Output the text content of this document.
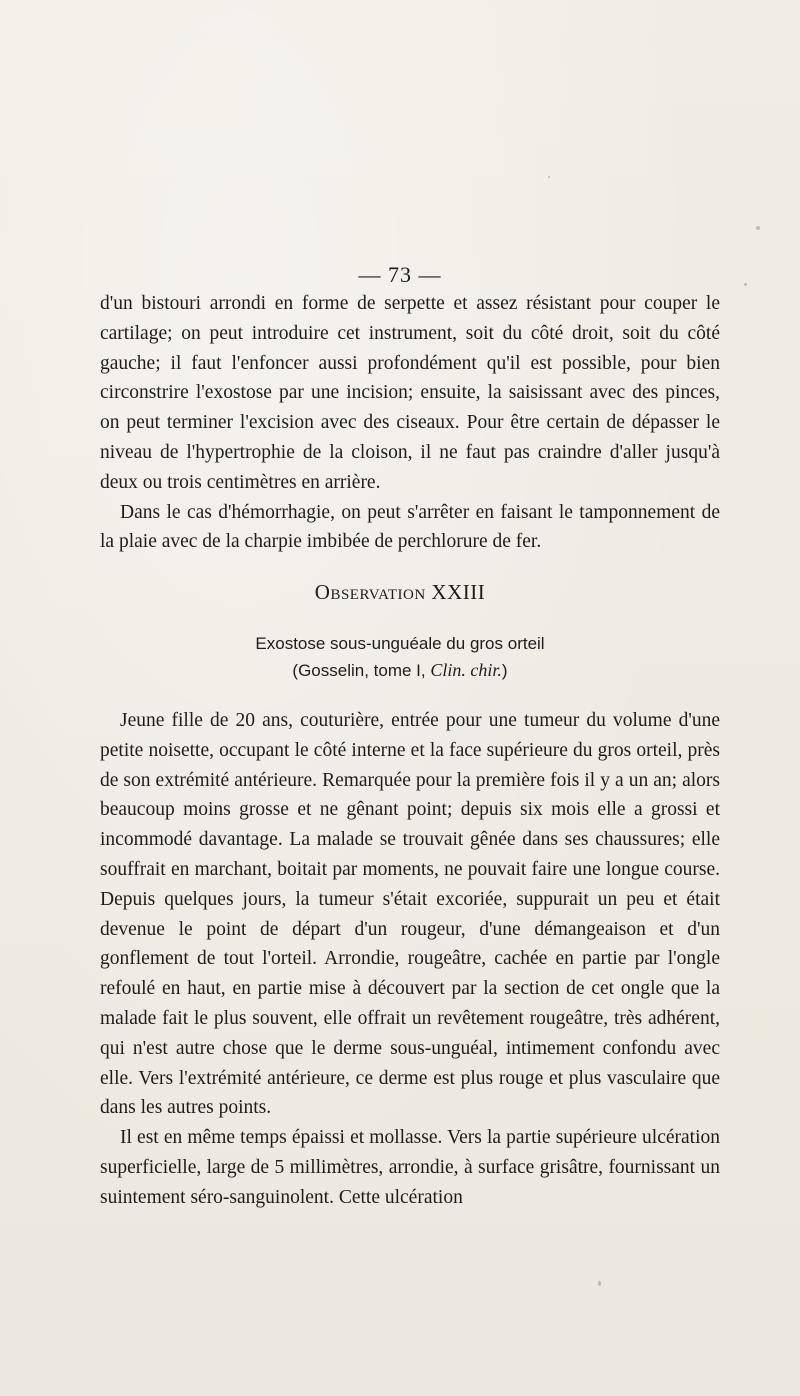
— 73 —

d'un bistouri arrondi en forme de serpette et assez résistant pour couper le cartilage; on peut introduire cet instrument, soit du côté droit, soit du côté gauche; il faut l'enfoncer aussi profondément qu'il est possible, pour bien circonstrire l'exostose par une incision; ensuite, la saisissant avec des pinces, on peut terminer l'excision avec des ciseaux. Pour être certain de dépasser le niveau de l'hypertrophie de la cloison, il ne faut pas craindre d'aller jusqu'à deux ou trois centimètres en arrière.

Dans le cas d'hémorrhagie, on peut s'arrêter en faisant le tamponnement de la plaie avec de la charpie imbibée de perchlorure de fer.

Observation XXIII
Exostose sous-unguéale du gros orteil
(Gosselin, tome I, Clin. chir.)

Jeune fille de 20 ans, couturière, entrée pour une tumeur du volume d'une petite noisette, occupant le côté interne et la face supérieure du gros orteil, près de son extrémité antérieure. Remarquée pour la première fois il y a un an; alors beaucoup moins grosse et ne gênant point; depuis six mois elle a grossi et incommodé davantage. La malade se trouvait gênée dans ses chaussures; elle souffrait en marchant, boitait par moments, ne pouvait faire une longue course. Depuis quelques jours, la tumeur s'était excoriée, suppurait un peu et était devenue le point de départ d'un rougeur, d'une démangeaison et d'un gonflement de tout l'orteil. Arrondie, rougeâtre, cachée en partie par l'ongle refoulé en haut, en partie mise à découvert par la section de cet ongle que la malade fait le plus souvent, elle offrait un revêtement rougeâtre, très adhérent, qui n'est autre chose que le derme sous-unguéal, intimement confondu avec elle. Vers l'extrémité antérieure, ce derme est plus rouge et plus vasculaire que dans les autres points.

Il est en même temps épaissi et mollasse. Vers la partie supérieure ulcération superficielle, large de 5 millimètres, arrondie, à surface grisâtre, fournissant un suintement séro-sanguinolent. Cette ulcération
